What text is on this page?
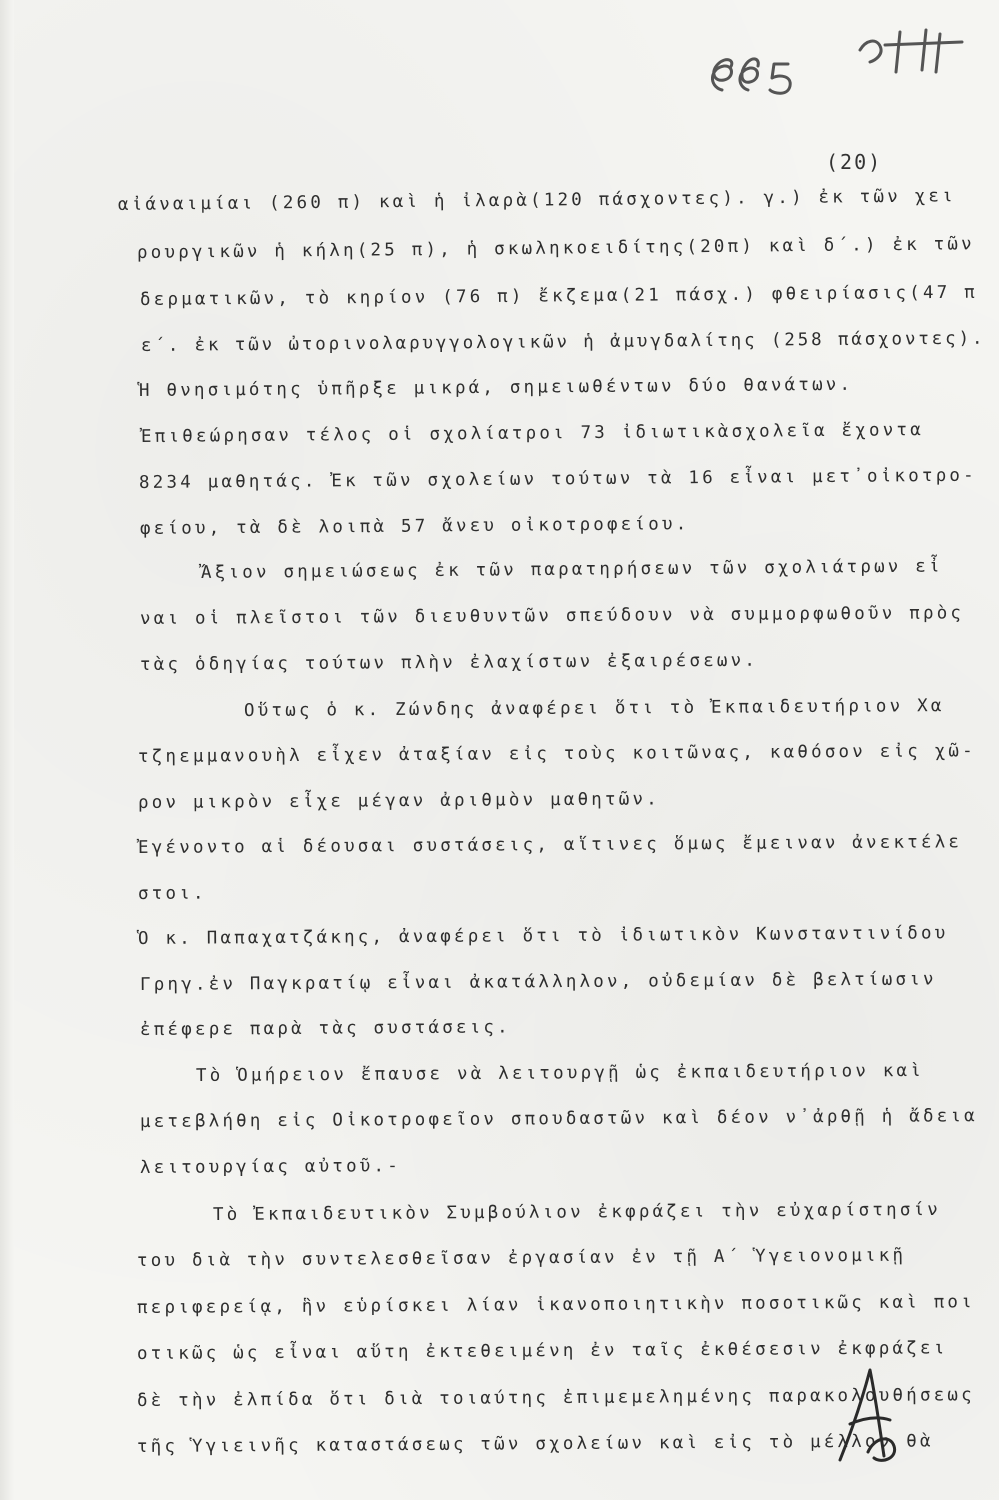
(20)
αἰάναιμίαι (260 π) καὶ ἡ ἰλαρὰ(120 πάσχοντες). γ.) ἐκ τῶν χει
ρουργικῶν ἡ κήλη(25 π), ἡ σκωληκοειδίτης(20π) καὶ δ΄.) ἐκ τῶν
δερματικῶν, τὸ κηρίον (76 π) ἔκζεμα(21 πάσχ.) φθειρίασις(47 π
ε΄. ἐκ τῶν ὠτορινολαρυγγολογικῶν ἡ ἀμυγδαλίτης (258 πάσχοντες).
Ἡ θνησιμότης ὑπῆρξε μικρά, σημειωθέντων δύο θανάτων.
Ἐπιθεώρησαν τέλος οἱ σχολίατροι 73 ἰδιωτικὰσχολεῖα ἔχοντα
8234 μαθητάς. Ἐκ τῶν σχολείων τούτων τὰ 16 εἶναι μετ᾽οἰκοτρο-
φείου, τὰ δὲ λοιπὰ 57 ἄνευ οἰκοτροφείου.
Ἄξιον σημειώσεως ἐκ τῶν παρατηρήσεων τῶν σχολιάτρων εἶ
ναι οἱ πλεῖστοι τῶν διευθυντῶν σπεύδουν νὰ συμμορφωθοῦν πρὸς
τὰς ὁδηγίας τούτων πλὴν ἐλαχίστων ἐξαιρέσεων.
Οὕτως ὁ κ. Ζώνδης ἀναφέρει ὅτι τὸ Ἐκπαιδευτήριον Χα
τζηεμμανουὴλ εἶχεν ἀταξίαν εἰς τοὺς κοιτῶνας, καθόσον εἰς χῶ-
ρον μικρὸν εἶχε μέγαν ἀριθμὸν μαθητῶν.
Ἐγένοντο αἱ δέουσαι συστάσεις, αἵτινες ὅμως ἔμειναν ἀνεκτέλε
στοι.
Ὁ κ. Παπαχατζάκης, ἀναφέρει ὅτι τὸ ἰδιωτικὸν Κωνσταντινίδου
Γρηγ.ἐν Παγκρατίῳ εἶναι ἀκατάλληλον, οὐδεμίαν δὲ βελτίωσιν
ἐπέφερε παρὰ τὰς συστάσεις.
Τὸ Ὁμήρειον ἔπαυσε νὰ λειτουργῇ ὡς ἐκπαιδευτήριον καὶ
μετεβλήθη εἰς Οἰκοτροφεῖον σπουδαστῶν καὶ δέον ν᾽ἀρθῇ ἡ ἄδεια
λειτουργίας αὐτοῦ.-
Τὸ Ἐκπαιδευτικὸν Συμβούλιον ἐκφράζει τὴν εὐχαρίστησίν
του διὰ τὴν συντελεσθεῖσαν ἐργασίαν ἐν τῇ Α΄ Ὑγειονομικῇ
περιφερείᾳ, ἣν εὑρίσκει λίαν ἱκανοποιητικὴν ποσοτικῶς καὶ ποι
οτικῶς ὡς εἶναι αὕτη ἐκτεθειμένη ἐν ταῖς ἐκθέσεσιν ἐκφράζει
δὲ τὴν ἐλπίδα ὅτι διὰ τοιαύτης ἐπιμεμελημένης παρακολουθήσεως
τῆς Ὑγιεινῆς καταστάσεως τῶν σχολείων καὶ εἰς τὸ μέλλον θὰ
